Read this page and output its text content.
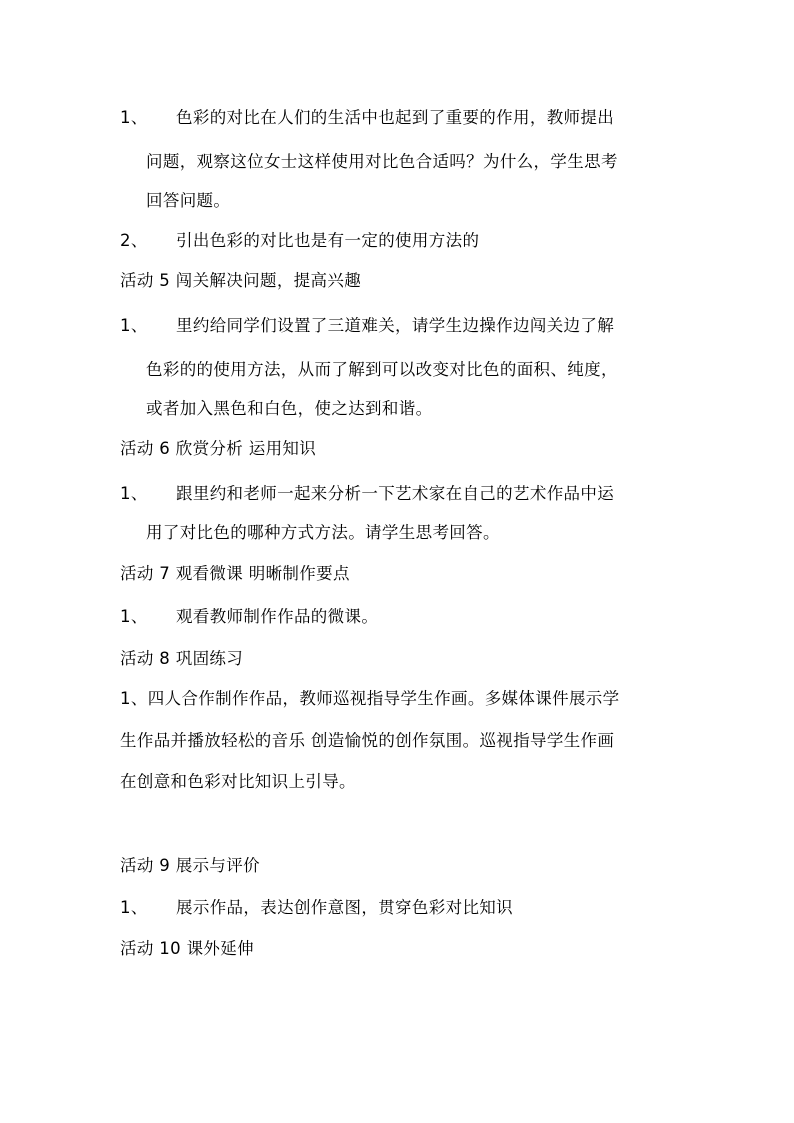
1、 色彩的对比在人们的生活中也起到了重要的作用，教师提出
问题，观察这位女士这样使用对比色合适吗？为什么，学生思考
回答问题。
2、 引出色彩的对比也是有一定的使用方法的
活动 5 闯关解决问题，提高兴趣
1、 里约给同学们设置了三道难关，请学生边操作边闯关边了解
色彩的的使用方法，从而了解到可以改变对比色的面积、纯度，
或者加入黑色和白色，使之达到和谐。
活动 6 欣赏分析 运用知识
1、 跟里约和老师一起来分析一下艺术家在自己的艺术作品中运
用了对比色的哪种方式方法。请学生思考回答。
活动 7 观看微课 明晰制作要点
1、 观看教师制作作品的微课。
活动 8 巩固练习
1、四人合作制作作品，教师巡视指导学生作画。多媒体课件展示学
生作品并播放轻松的音乐 创造愉悦的创作氛围。巡视指导学生作画
在创意和色彩对比知识上引导。
活动 9 展示与评价
1、 展示作品，表达创作意图，贯穿色彩对比知识
活动 10 课外延伸
